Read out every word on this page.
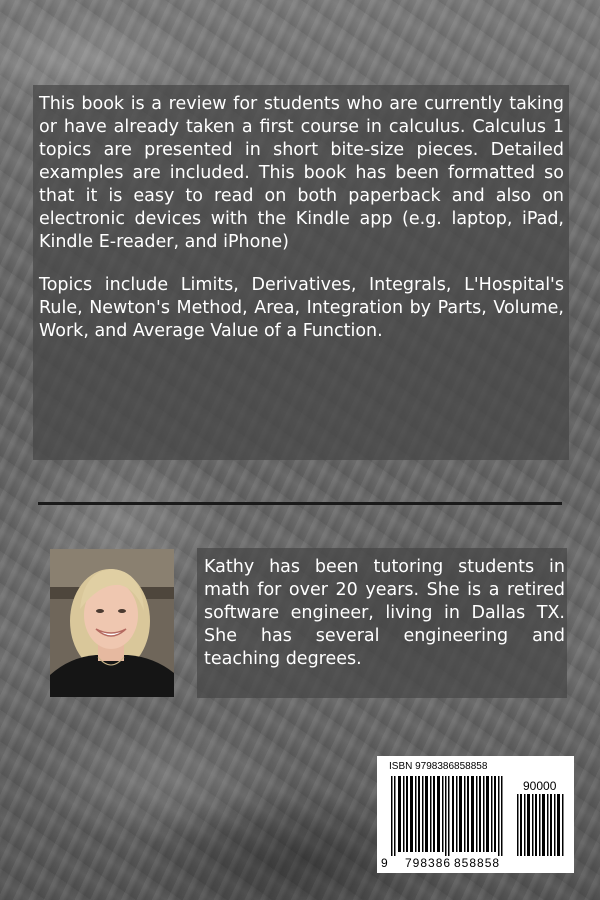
This book is a review for students who are currently taking or have already taken a first course in calculus. Calculus 1 topics are presented in short bite-size pieces. Detailed examples are included. This book has been formatted so that it is easy to read on both paperback and also on electronic devices with the Kindle app (e.g. laptop, iPad, Kindle E-reader, and iPhone)

Topics include Limits, Derivatives, Integrals, L'Hospital's Rule, Newton's Method, Area, Integration by Parts, Volume, Work, and Average Value of a Function.

Kathy has been tutoring students in math for over 20 years. She is a retired software engineer, living in Dallas TX. She has several engineering and teaching degrees.

ISBN 9798386858858
90000
9 798386 858858
